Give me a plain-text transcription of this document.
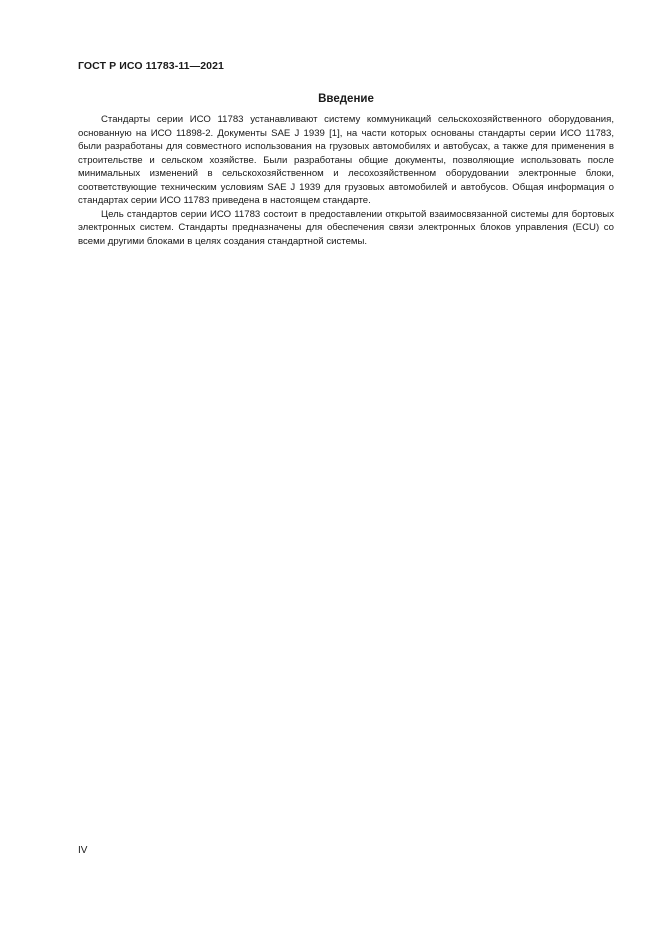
ГОСТ Р ИСО 11783-11—2021
Введение

Стандарты серии ИСО 11783 устанавливают систему коммуникаций сельскохозяйственного оборудования, основанную на ИСО 11898-2. Документы SAE J 1939 [1], на части которых основаны стандарты серии ИСО 11783, были разработаны для совместного использования на грузовых автомобилях и автобусах, а также для применения в строительстве и сельском хозяйстве. Были разработаны общие документы, позволяющие использовать после минимальных изменений в сельскохозяйственном и лесохозяйственном оборудовании электронные блоки, соответствующие техническим условиям SAE J 1939 для грузовых автомобилей и автобусов. Общая информация о стандартах серии ИСО 11783 приведена в настоящем стандарте.

Цель стандартов серии ИСО 11783 состоит в предоставлении открытой взаимосвязанной системы для бортовых электронных систем. Стандарты предназначены для обеспечения связи электронных блоков управления (ECU) со всеми другими блоками в целях создания стандартной системы.

IV
